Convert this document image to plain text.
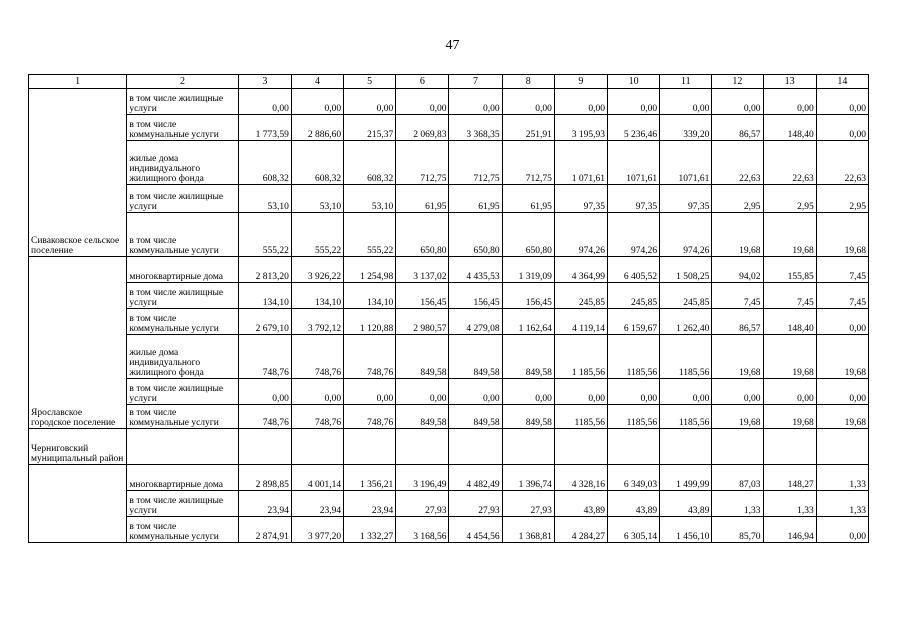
47
1	2	3	4	5	6	7	8	9	10	11	12	13	14
Сиваковское сельское поселение	в том числе жилищные услуги	0,00	0,00	0,00	0,00	0,00	0,00	0,00	0,00	0,00	0,00	0,00	0,00
	в том числе коммунальные услуги	1 773,59	2 886,60	215,37	2 069,83	3 368,35	251,91	3 195,93	5 236,46	339,20	86,57	148,40	0,00
	жилые дома индивидуального жилищного фонда	608,32	608,32	608,32	712,75	712,75	712,75	1 071,61	1071,61	1071,61	22,63	22,63	22,63
	в том числе жилищные услуги	53,10	53,10	53,10	61,95	61,95	61,95	97,35	97,35	97,35	2,95	2,95	2,95
	в том числе коммунальные услуги	555,22	555,22	555,22	650,80	650,80	650,80	974,26	974,26	974,26	19,68	19,68	19,68
Ярославское городское поселение	многоквартирные дома	2 813,20	3 926,22	1 254,98	3 137,02	4 435,53	1 319,09	4 364,99	6 405,52	1 508,25	94,02	155,85	7,45
	в том числе жилищные услуги	134,10	134,10	134,10	156,45	156,45	156,45	245,85	245,85	245,85	7,45	7,45	7,45
	в том числе коммунальные услуги	2 679,10	3 792,12	1 120,88	2 980,57	4 279,08	1 162,64	4 119,14	6 159,67	1 262,40	86,57	148,40	0,00
	жилые дома индивидуального жилищного фонда	748,76	748,76	748,76	849,58	849,58	849,58	1 185,56	1185,56	1185,56	19,68	19,68	19,68
	в том числе жилищные услуги	0,00	0,00	0,00	0,00	0,00	0,00	0,00	0,00	0,00	0,00	0,00	0,00
	в том числе коммунальные услуги	748,76	748,76	748,76	849,58	849,58	849,58	1185,56	1185,56	1185,56	19,68	19,68	19,68
Черниговский муниципальный район													
	многоквартирные дома	2 898,85	4 001,14	1 356,21	3 196,49	4 482,49	1 396,74	4 328,16	6 349,03	1 499,99	87,03	148,27	1,33
	в том числе жилищные услуги	23,94	23,94	23,94	27,93	27,93	27,93	43,89	43,89	43,89	1,33	1,33	1,33
	в том числе коммунальные услуги	2 874,91	3 977,20	1 332,27	3 168,56	4 454,56	1 368,81	4 284,27	6 305,14	1 456,10	85,70	146,94	0,00
